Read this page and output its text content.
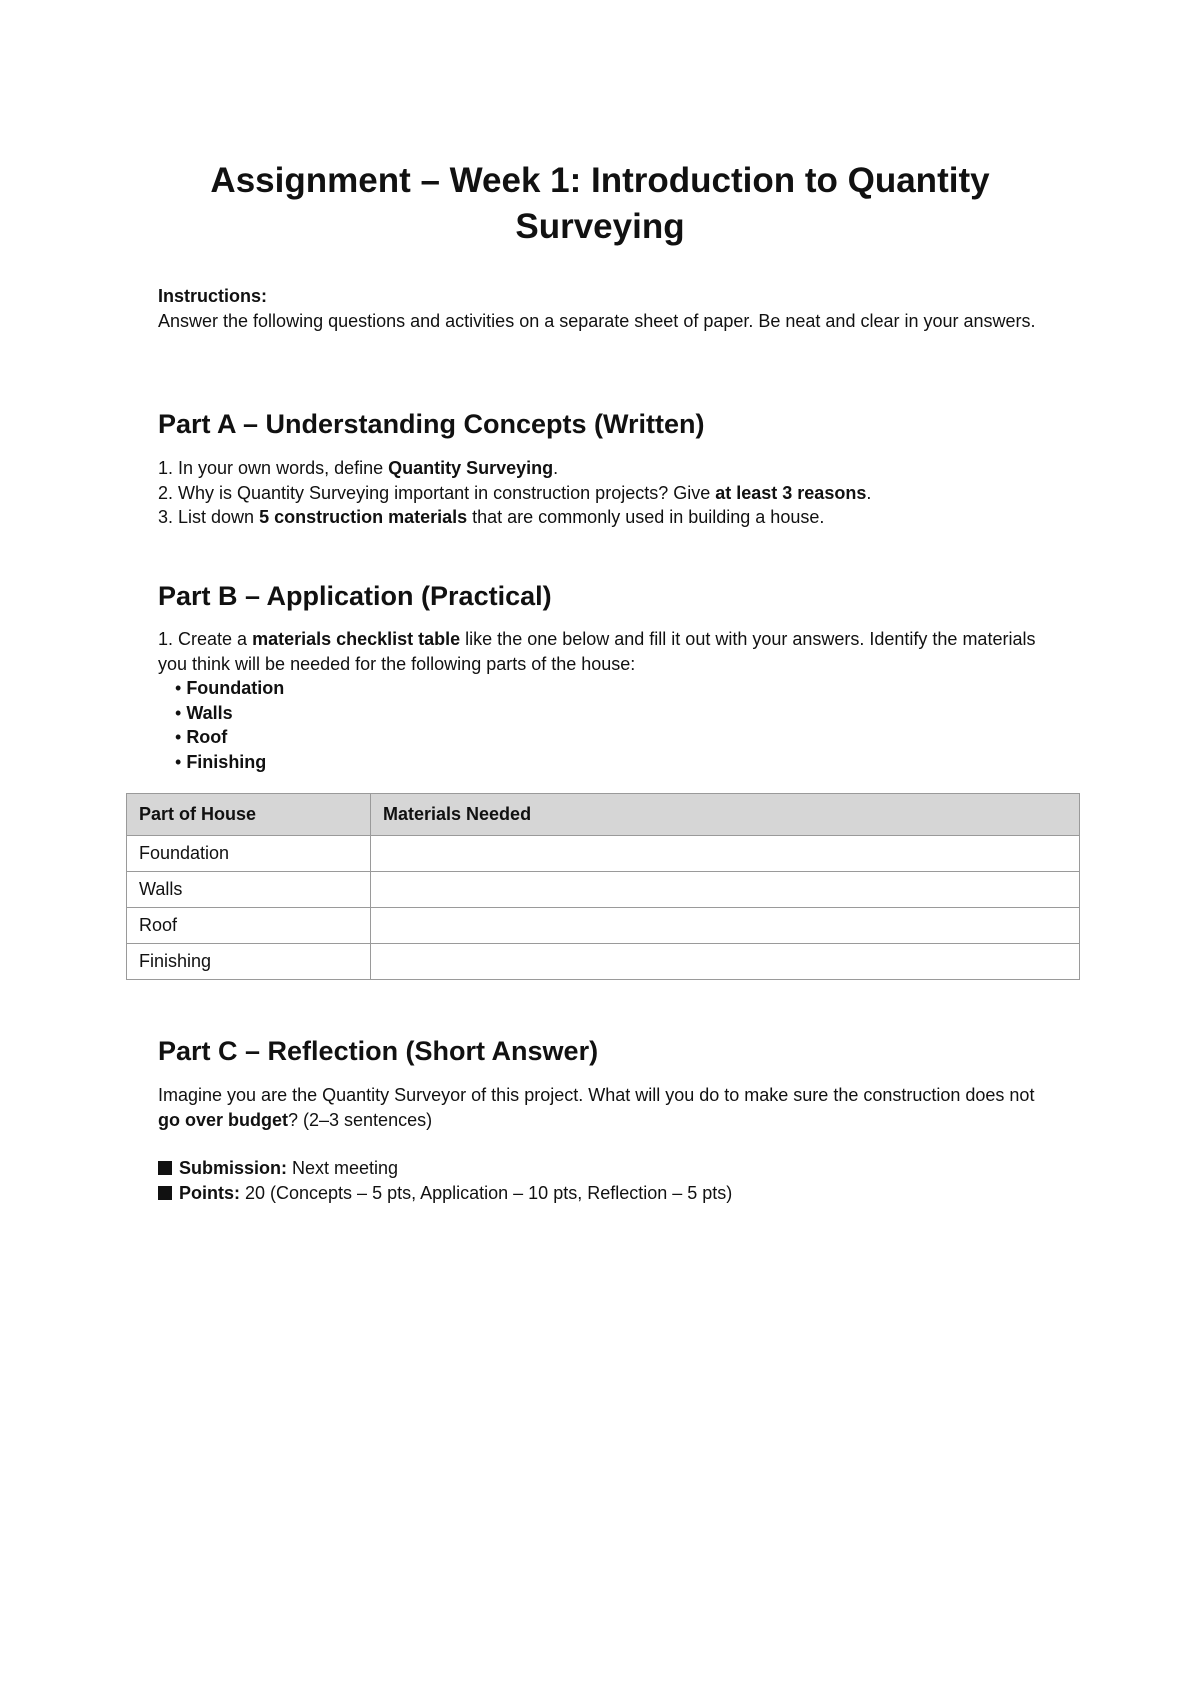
Assignment – Week 1: Introduction to Quantity Surveying
Instructions:
Answer the following questions and activities on a separate sheet of paper. Be neat and clear in your answers.
Part A – Understanding Concepts (Written)
1. In your own words, define Quantity Surveying.
2. Why is Quantity Surveying important in construction projects? Give at least 3 reasons.
3. List down 5 construction materials that are commonly used in building a house.
Part B – Application (Practical)
1. Create a materials checklist table like the one below and fill it out with your answers. Identify the materials you think will be needed for the following parts of the house:
• Foundation
• Walls
• Roof
• Finishing
Part of House	Materials Needed
Foundation	
Walls	
Roof	
Finishing	
Part C – Reflection (Short Answer)
Imagine you are the Quantity Surveyor of this project. What will you do to make sure the construction does not go over budget? (2–3 sentences)
Submission: Next meeting
Points: 20 (Concepts – 5 pts, Application – 10 pts, Reflection – 5 pts)
